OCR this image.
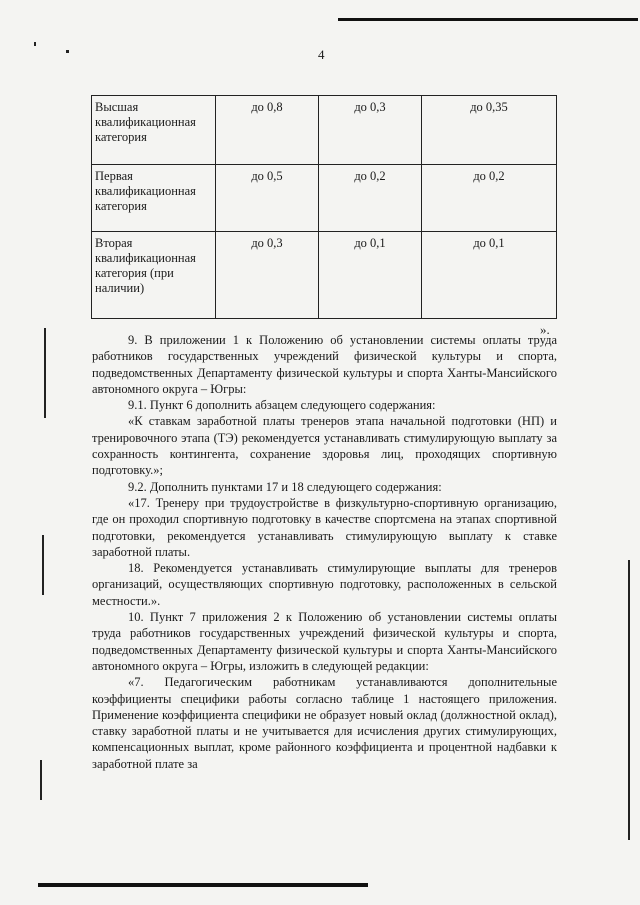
4
Высшая квалификационная категория	до 0,8	до 0,3	до 0,35
Первая квалификационная категория	до 0,5	до 0,2	до 0,2
Вторая квалификационная категория (при наличии)	до 0,3	до 0,1	до 0,1
».

9. В приложении 1 к Положению об установлении системы оплаты труда работников государственных учреждений физической культуры и спорта, подведомственных Департаменту физической культуры и спорта Ханты-Мансийского автономного округа – Югры:

9.1. Пункт 6 дополнить абзацем следующего содержания:

«К ставкам заработной платы тренеров этапа начальной подготовки (НП) и тренировочного этапа (ТЭ) рекомендуется устанавливать стимулирующую выплату за сохранность контингента, сохранение здоровья лиц, проходящих спортивную подготовку.»;

9.2. Дополнить пунктами 17 и 18 следующего содержания:

«17. Тренеру при трудоустройстве в физкультурно-спортивную организацию, где он проходил спортивную подготовку в качестве спортсмена на этапах спортивной подготовки, рекомендуется устанавливать стимулирующую выплату к ставке заработной платы.

18. Рекомендуется устанавливать стимулирующие выплаты для тренеров организаций, осуществляющих спортивную подготовку, расположенных в сельской местности.».

10. Пункт 7 приложения 2 к Положению об установлении системы оплаты труда работников государственных учреждений физической культуры и спорта, подведомственных Департаменту физической культуры и спорта Ханты-Мансийского автономного округа – Югры, изложить в следующей редакции:

«7. Педагогическим работникам устанавливаются дополнительные коэффициенты специфики работы согласно таблице 1 настоящего приложения. Применение коэффициента специфики не образует новый оклад (должностной оклад), ставку заработной платы и не учитывается для исчисления других стимулирующих, компенсационных выплат, кроме районного коэффициента и процентной надбавки к заработной плате за
